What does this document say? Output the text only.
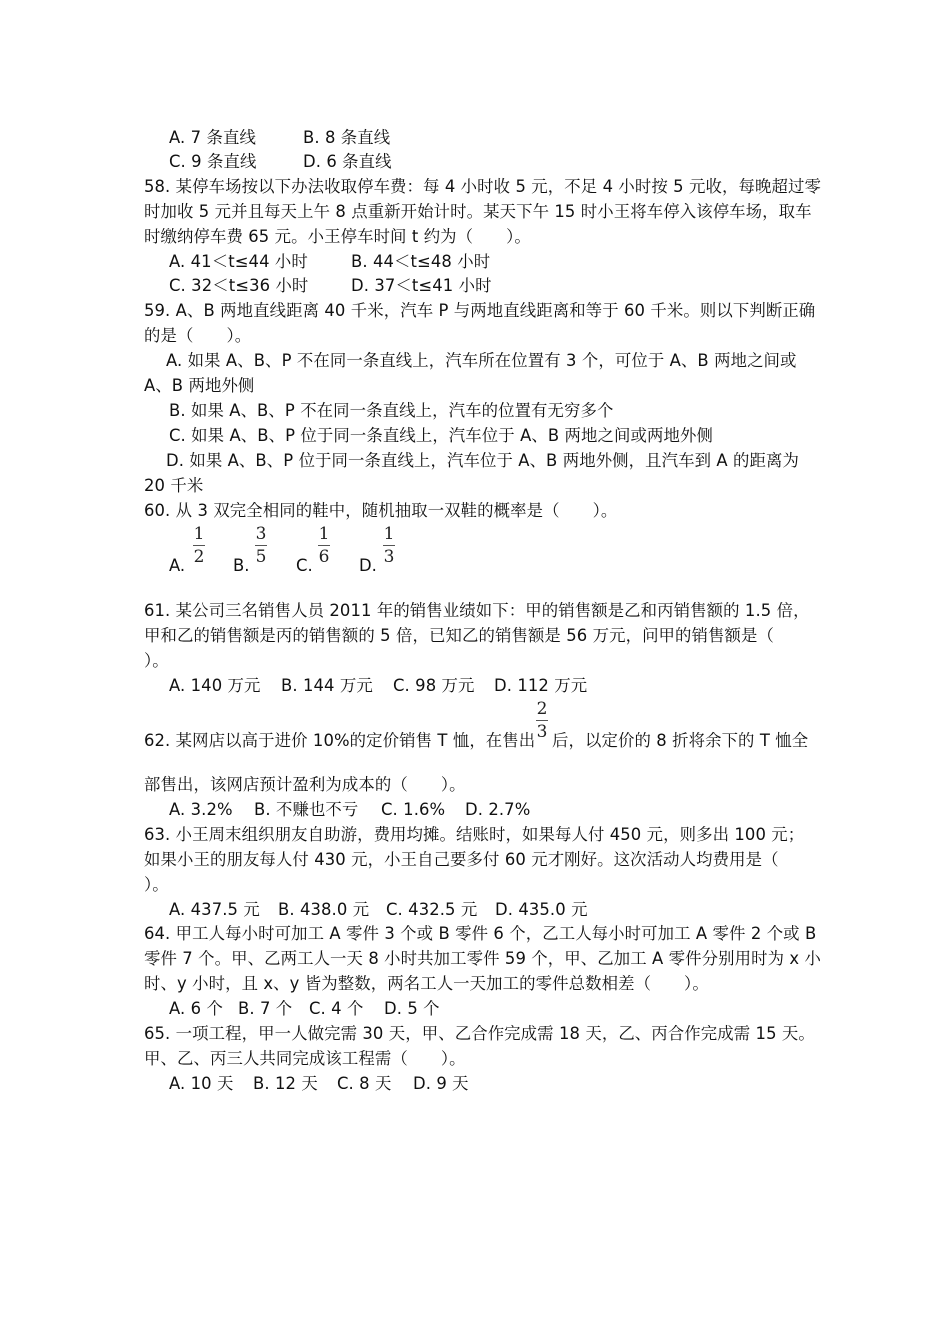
A. 7 条直线	B. 8 条直线
C. 9 条直线	D. 6 条直线
58. 某停车场按以下办法收取停车费：每 4 小时收 5 元，不足 4 小时按 5 元收，每晚超过零
时加收 5 元并且每天上午 8 点重新开始计时。某天下午 15 时小王将车停入该停车场，取车
时缴纳停车费 65 元。小王停车时间 t 约为（　　）。
A. 41＜t≤44 小时	B. 44＜t≤48 小时
C. 32＜t≤36 小时	D. 37＜t≤41 小时
59. A、B 两地直线距离 40 千米，汽车 P 与两地直线距离和等于 60 千米。则以下判断正确
的是（　　）。
A. 如果 A、B、P 不在同一条直线上，汽车所在位置有 3 个，可位于 A、B 两地之间或
A、B 两地外侧
B. 如果 A、B、P 不在同一条直线上，汽车的位置有无穷多个
C. 如果 A、B、P 位于同一条直线上，汽车位于 A、B 两地之间或两地外侧
D. 如果 A、B、P 位于同一条直线上，汽车位于 A、B 两地外侧，且汽车到 A 的距离为
20 千米
60. 从 3 双完全相同的鞋中，随机抽取一双鞋的概率是（　　）。
A.
1
2 B.
3
5 C.
1
6 D.
1
3
61. 某公司三名销售人员 2011 年的销售业绩如下：甲的销售额是乙和丙销售额的 1.5 倍，
甲和乙的销售额是丙的销售额的 5 倍，已知乙的销售额是 56 万元，问甲的销售额是（
）。
A. 140 万元 B. 144 万元 C. 98 万元 D. 112 万元
62. 某网店以高于进价 10%的定价销售 T 恤，在售出
2
3 后，以定价的 8 折将余下的 T 恤全
部售出，该网店预计盈利为成本的（　　）。
A. 3.2% B. 不赚也不亏 C. 1.6% D. 2.7%
63. 小王周末组织朋友自助游，费用均摊。结账时，如果每人付 450 元，则多出 100 元；
如果小王的朋友每人付 430 元，小王自己要多付 60 元才刚好。这次活动人均费用是（
）。
A. 437.5 元 B. 438.0 元 C. 432.5 元 D. 435.0 元
64. 甲工人每小时可加工 A 零件 3 个或 B 零件 6 个，乙工人每小时可加工 A 零件 2 个或 B
零件 7 个。甲、乙两工人一天 8 小时共加工零件 59 个，甲、乙加工 A 零件分别用时为 x 小
时、y 小时，且 x、y 皆为整数，两名工人一天加工的零件总数相差（　　）。
A. 6 个 B. 7 个 C. 4 个 D. 5 个
65. 一项工程，甲一人做完需 30 天，甲、乙合作完成需 18 天，乙、丙合作完成需 15 天。
甲、乙、丙三人共同完成该工程需（　　）。
A. 10 天 B. 12 天 C. 8 天 D. 9 天
